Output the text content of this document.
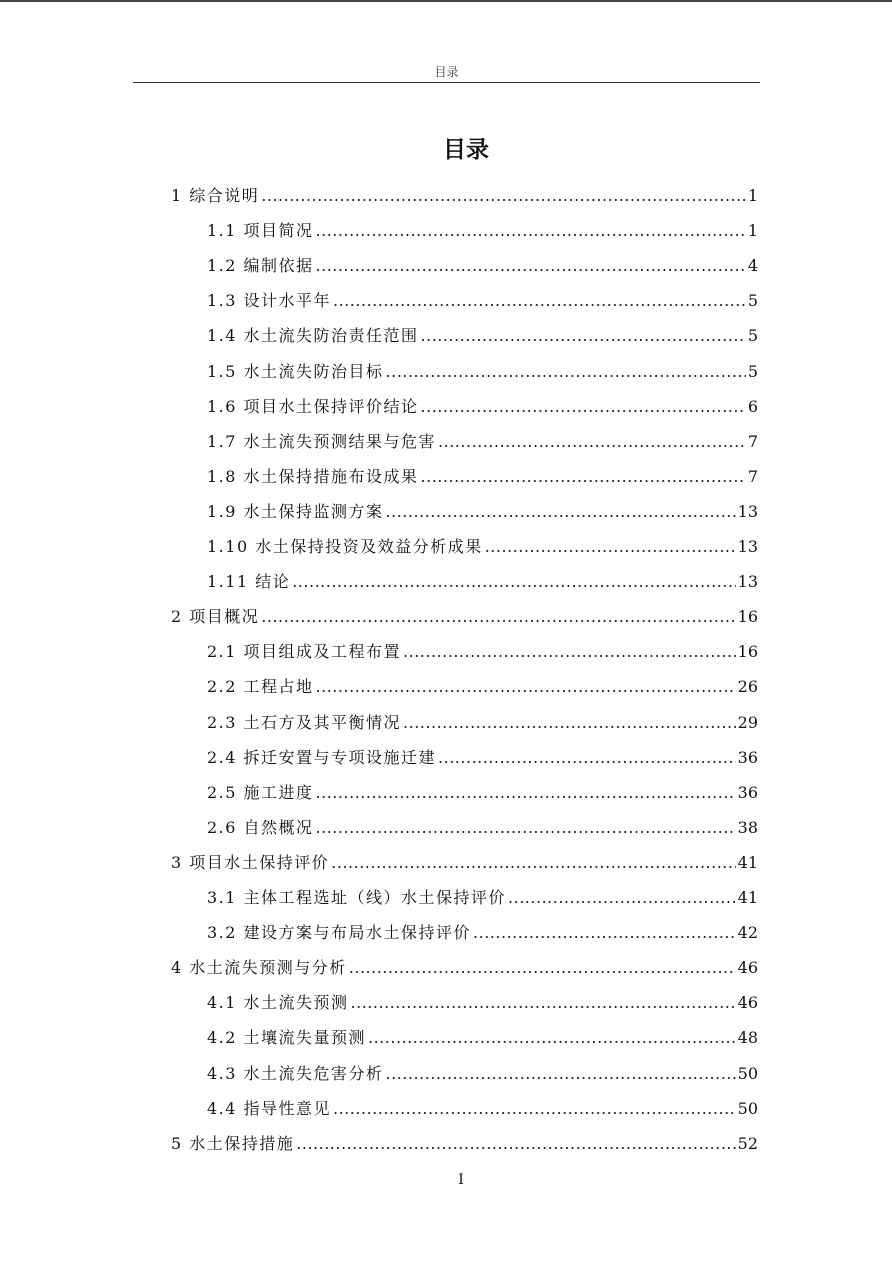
目录
目录
1 综合说明 .....	1
1.1 项目简况 .....	1
1.2 编制依据 .....	4
1.3 设计水平年 .....	5
1.4 水土流失防治责任范围 .....	5
1.5 水土流失防治目标 .....	5
1.6 项目水土保持评价结论 .....	6
1.7 水土流失预测结果与危害 .....	7
1.8 水土保持措施布设成果 .....	7
1.9 水土保持监测方案 .....	13
1.10 水土保持投资及效益分析成果 .....	13
1.11 结论 .....	13
2 项目概况 .....	16
2.1 项目组成及工程布置 .....	16
2.2 工程占地 .....	26
2.3 土石方及其平衡情况 .....	29
2.4 拆迁安置与专项设施迁建 .....	36
2.5 施工进度 .....	36
2.6 自然概况 .....	38
3 项目水土保持评价 .....	41
3.1 主体工程选址（线）水土保持评价 .....	41
3.2 建设方案与布局水土保持评价 .....	42
4 水土流失预测与分析 .....	46
4.1 水土流失预测 .....	46
4.2 土壤流失量预测 .....	48
4.3 水土流失危害分析 .....	50
4.4 指导性意见 .....	50
5 水土保持措施 .....	52
I
